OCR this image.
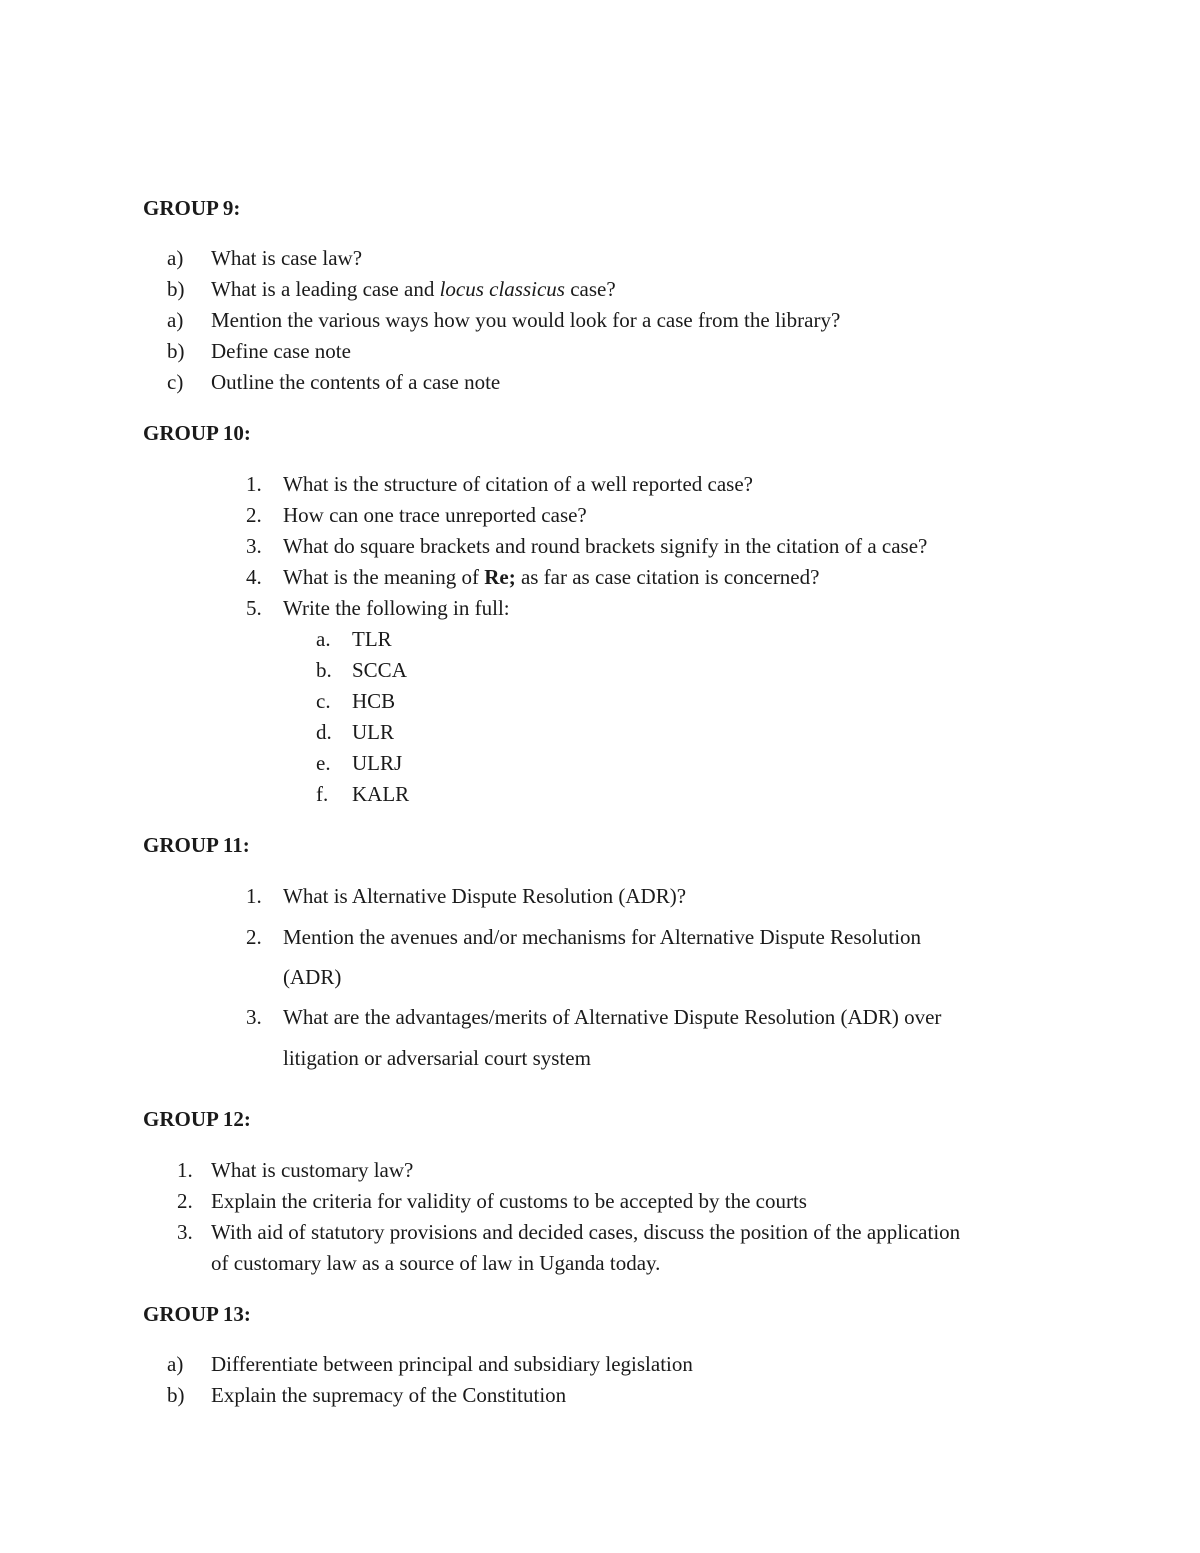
GROUP 9:
a) What is case law?
b) What is a leading case and locus classicus case?
a) Mention the various ways how you would look for a case from the library?
b) Define case note
c) Outline the contents of a case note
GROUP 10:
1. What is the structure of citation of a well reported case?
2. How can one trace unreported case?
3. What do square brackets and round brackets signify in the citation of a case?
4. What is the meaning of Re; as far as case citation is concerned?
5. Write the following in full:
a. TLR
b. SCCA
c. HCB
d. ULR
e. ULRJ
f. KALR
GROUP 11:
1. What is Alternative Dispute Resolution (ADR)?
2. Mention the avenues and/or mechanisms for Alternative Dispute Resolution
(ADR)
3. What are the advantages/merits of Alternative Dispute Resolution (ADR) over
litigation or adversarial court system
GROUP 12:
1. What is customary law?
2. Explain the criteria for validity of customs to be accepted by the courts
3. With aid of statutory provisions and decided cases, discuss the position of the application
of customary law as a source of law in Uganda today.
GROUP 13:
a) Differentiate between principal and subsidiary legislation
b) Explain the supremacy of the Constitution
